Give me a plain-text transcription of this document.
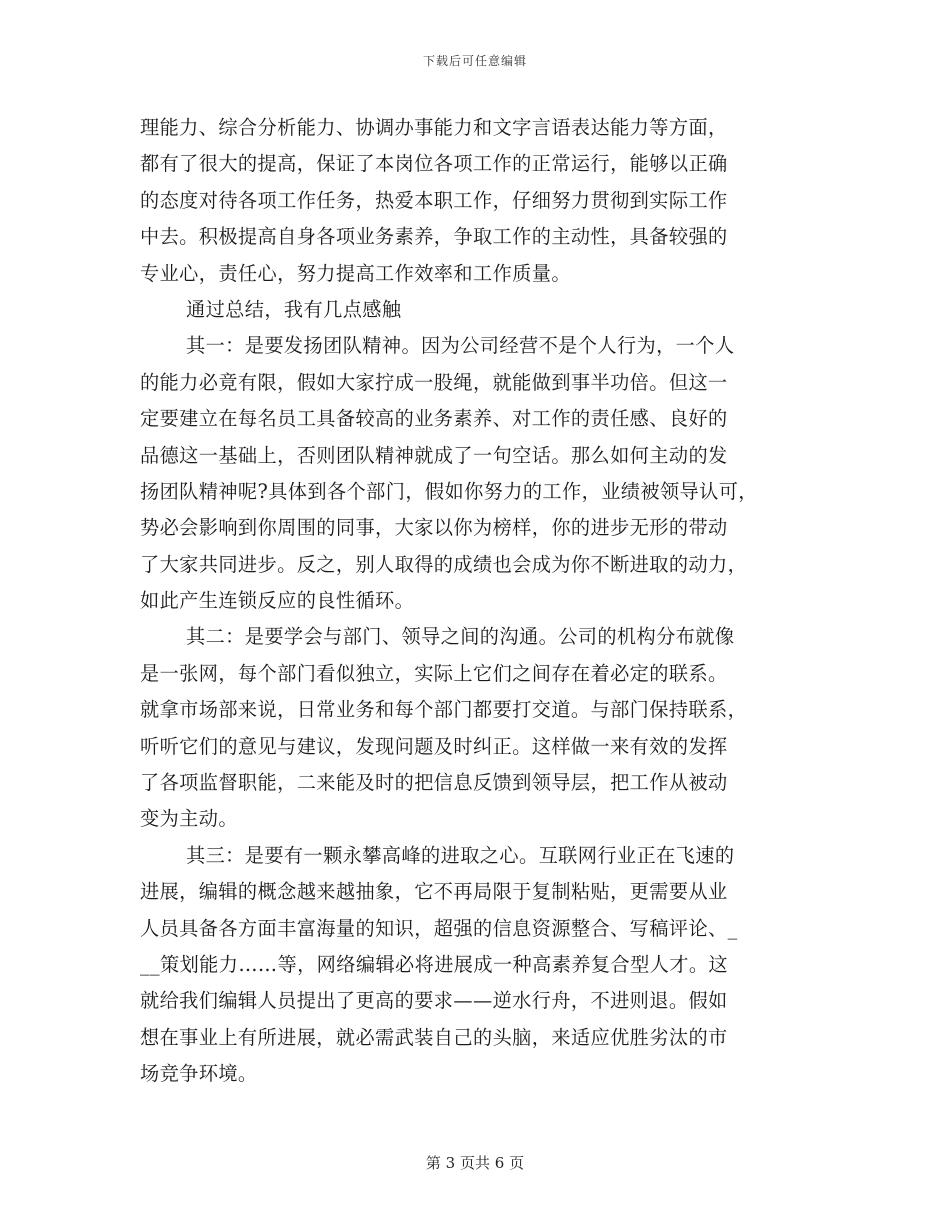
下载后可任意编辑
理能力、综合分析能力、协调办事能力和文字言语表达能力等方面，
都有了很大的提高，保证了本岗位各项工作的正常运行，能够以正确
的态度对待各项工作任务，热爱本职工作，仔细努力贯彻到实际工作
中去。积极提高自身各项业务素养，争取工作的主动性，具备较强的
专业心，责任心，努力提高工作效率和工作质量。
通过总结，我有几点感触
其一：是要发扬团队精神。因为公司经营不是个人行为，一个人
的能力必竟有限，假如大家拧成一股绳，就能做到事半功倍。但这一
定要建立在每名员工具备较高的业务素养、对工作的责任感、良好的
品德这一基础上，否则团队精神就成了一句空话。那么如何主动的发
扬团队精神呢?具体到各个部门，假如你努力的工作，业绩被领导认可，
势必会影响到你周围的同事，大家以你为榜样，你的进步无形的带动
了大家共同进步。反之，别人取得的成绩也会成为你不断进取的动力，
如此产生连锁反应的良性循环。
其二：是要学会与部门、领导之间的沟通。公司的机构分布就像
是一张网，每个部门看似独立，实际上它们之间存在着必定的联系。
就拿市场部来说，日常业务和每个部门都要打交道。与部门保持联系，
听听它们的意见与建议，发现问题及时纠正。这样做一来有效的发挥
了各项监督职能，二来能及时的把信息反馈到领导层，把工作从被动
变为主动。
其三：是要有一颗永攀高峰的进取之心。互联网行业正在飞速的
进展，编辑的概念越来越抽象，它不再局限于复制粘贴，更需要从业
人员具备各方面丰富海量的知识，超强的信息资源整合、写稿评论、_
__策划能力……等，网络编辑必将进展成一种高素养复合型人才。这
就给我们编辑人员提出了更高的要求——逆水行舟，不进则退。假如
想在事业上有所进展，就必需武装自己的头脑，来适应优胜劣汰的市
场竞争环境。
第 3 页共 6 页
